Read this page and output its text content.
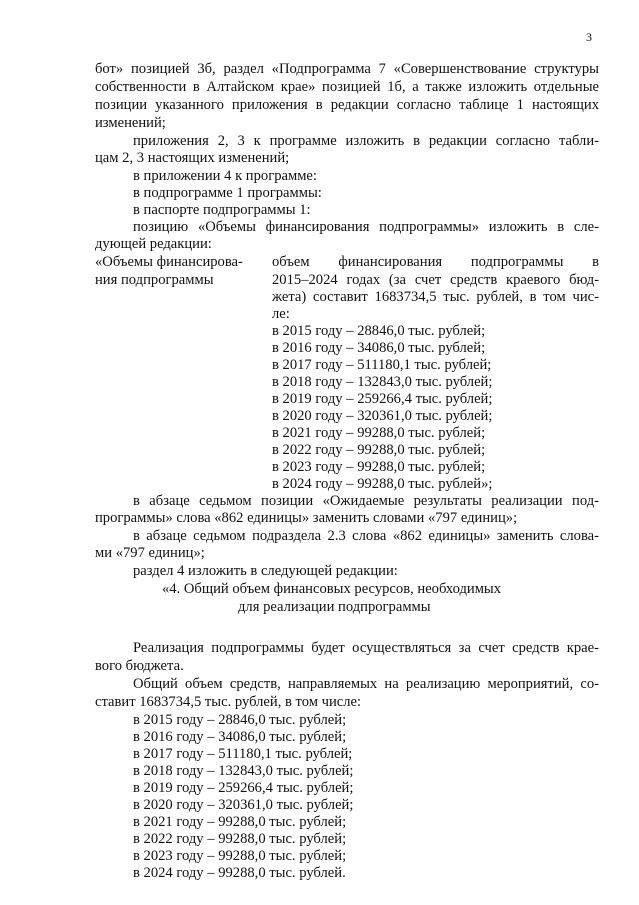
3
бот» позицией 3б, раздел «Подпрограмма 7 «Совершенствование структуры
собственности в Алтайском крае» позицией 1б, а также изложить отдельные
позиции указанного приложения в редакции согласно таблице 1 настоящих
изменений;
приложения 2, 3 к программе изложить в редакции согласно табли-
цам 2, 3 настоящих изменений;
в приложении 4 к программе:
в подпрограмме 1 программы:
в паспорте подпрограммы 1:
позицию «Объемы финансирования подпрограммы» изложить в сле-
дующей редакции:
«Объемы финансирова-
ния подпрограммы
объем финансирования подпрограммы в
2015–2024 годах (за счет средств краевого бюд-
жета) составит 1683734,5 тыс. рублей, в том чис-
ле:
в 2015 году – 28846,0 тыс. рублей;
в 2016 году – 34086,0 тыс. рублей;
в 2017 году – 511180,1 тыс. рублей;
в 2018 году – 132843,0 тыс. рублей;
в 2019 году – 259266,4 тыс. рублей;
в 2020 году – 320361,0 тыс. рублей;
в 2021 году – 99288,0 тыс. рублей;
в 2022 году – 99288,0 тыс. рублей;
в 2023 году – 99288,0 тыс. рублей;
в 2024 году – 99288,0 тыс. рублей»;
в абзаце седьмом позиции «Ожидаемые результаты реализации под-
программы» слова «862 единицы» заменить словами «797 единиц»;
в абзаце седьмом подраздела 2.3 слова «862 единицы» заменить слова-
ми «797 единиц»;
раздел 4 изложить в следующей редакции:
«4. Общий объем финансовых ресурсов, необходимых
для реализации подпрограммы
Реализация подпрограммы будет осуществляться за счет средств крае-
вого бюджета.
Общий объем средств, направляемых на реализацию мероприятий, со-
ставит 1683734,5 тыс. рублей, в том числе:
в 2015 году – 28846,0 тыс. рублей;
в 2016 году – 34086,0 тыс. рублей;
в 2017 году – 511180,1 тыс. рублей;
в 2018 году – 132843,0 тыс. рублей;
в 2019 году – 259266,4 тыс. рублей;
в 2020 году – 320361,0 тыс. рублей;
в 2021 году – 99288,0 тыс. рублей;
в 2022 году – 99288,0 тыс. рублей;
в 2023 году – 99288,0 тыс. рублей;
в 2024 году – 99288,0 тыс. рублей.
